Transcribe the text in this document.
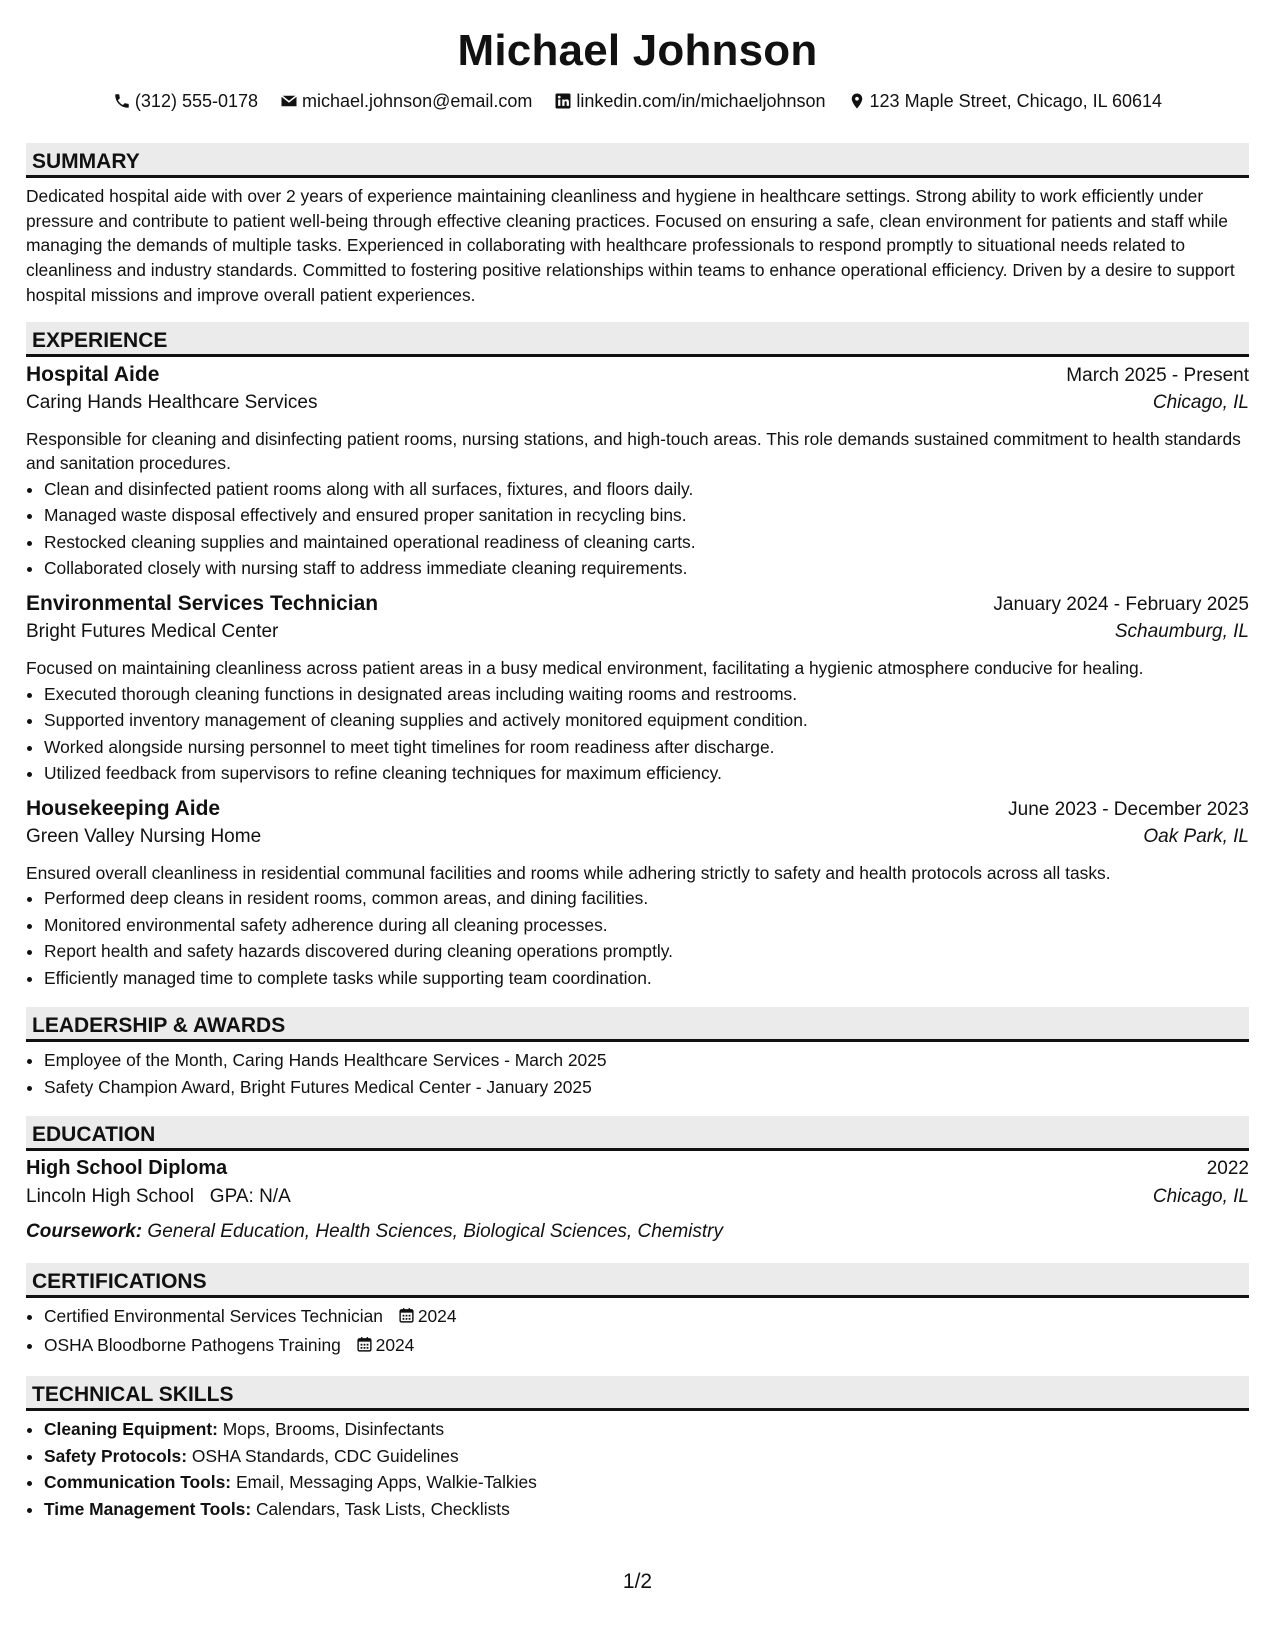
Michael Johnson
(312) 555-0178 michael.johnson@email.com linkedin.com/in/michaeljohnson 123 Maple Street, Chicago, IL 60614
SUMMARY

Dedicated hospital aide with over 2 years of experience maintaining cleanliness and hygiene in healthcare settings. Strong ability to work efficiently under pressure and contribute to patient well-being through effective cleaning practices. Focused on ensuring a safe, clean environment for patients and staff while managing the demands of multiple tasks. Experienced in collaborating with healthcare professionals to respond promptly to situational needs related to cleanliness and industry standards. Committed to fostering positive relationships within teams to enhance operational efficiency. Driven by a desire to support hospital missions and improve overall patient experiences.

EXPERIENCE
Hospital Aide	March 2025 - Present
Caring Hands Healthcare Services	Chicago, IL

Responsible for cleaning and disinfecting patient rooms, nursing stations, and high-touch areas. This role demands sustained commitment to health standards and sanitation procedures.

• Clean and disinfected patient rooms along with all surfaces, fixtures, and floors daily.
• Managed waste disposal effectively and ensured proper sanitation in recycling bins.
• Restocked cleaning supplies and maintained operational readiness of cleaning carts.
• Collaborated closely with nursing staff to address immediate cleaning requirements.
Environmental Services Technician	January 2024 - February 2025
Bright Futures Medical Center	Schaumburg, IL

Focused on maintaining cleanliness across patient areas in a busy medical environment, facilitating a hygienic atmosphere conducive for healing.

• Executed thorough cleaning functions in designated areas including waiting rooms and restrooms.
• Supported inventory management of cleaning supplies and actively monitored equipment condition.
• Worked alongside nursing personnel to meet tight timelines for room readiness after discharge.
• Utilized feedback from supervisors to refine cleaning techniques for maximum efficiency.
Housekeeping Aide	June 2023 - December 2023
Green Valley Nursing Home	Oak Park, IL

Ensured overall cleanliness in residential communal facilities and rooms while adhering strictly to safety and health protocols across all tasks.

• Performed deep cleans in resident rooms, common areas, and dining facilities.
• Monitored environmental safety adherence during all cleaning processes.
• Report health and safety hazards discovered during cleaning operations promptly.
• Efficiently managed time to complete tasks while supporting team coordination.
LEADERSHIP & AWARDS
• Employee of the Month, Caring Hands Healthcare Services - March 2025
• Safety Champion Award, Bright Futures Medical Center - January 2025
EDUCATION
High School Diploma	2022
Lincoln High School GPA: N/A	Chicago, IL
Coursework: General Education, Health Sciences, Biological Sciences, Chemistry
CERTIFICATIONS
• Certified Environmental Services Technician 2024
• OSHA Bloodborne Pathogens Training 2024
TECHNICAL SKILLS
• Cleaning Equipment: Mops, Brooms, Disinfectants
• Safety Protocols: OSHA Standards, CDC Guidelines
• Communication Tools: Email, Messaging Apps, Walkie-Talkies
• Time Management Tools: Calendars, Task Lists, Checklists
1/2
